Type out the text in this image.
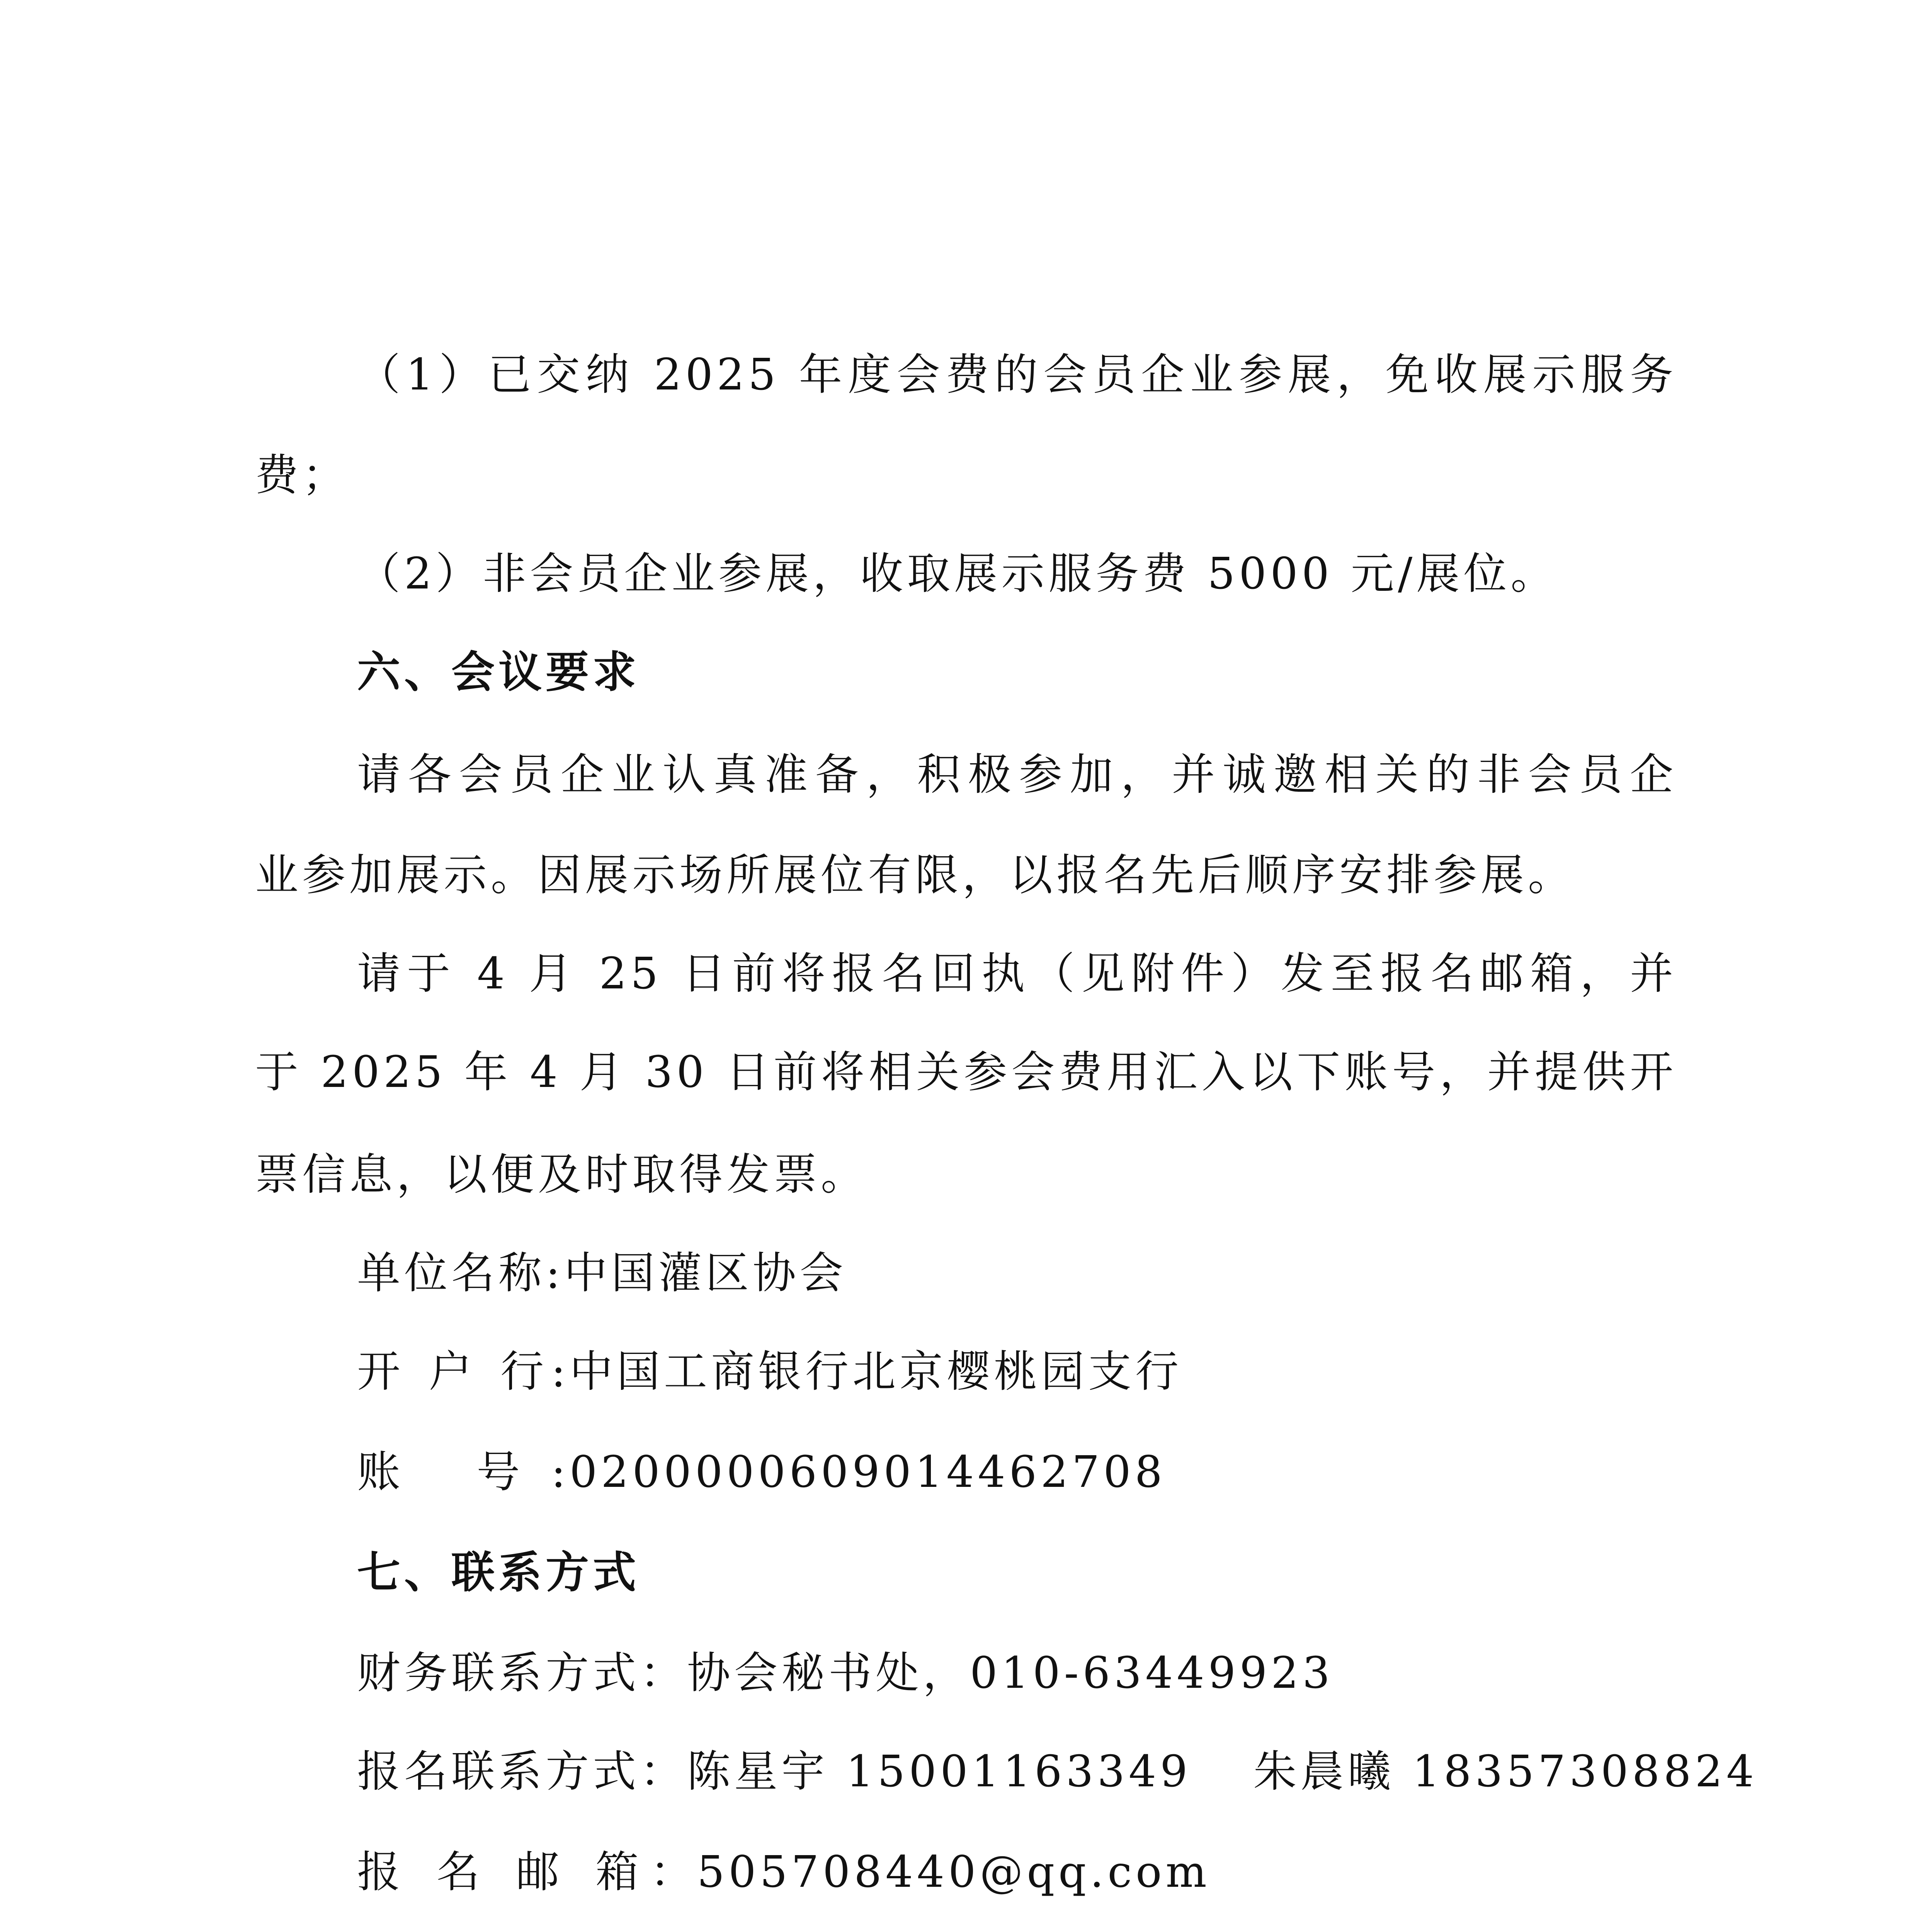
（1）已交纳 2025 年度会费的会员企业参展，免收展示服务
费；
（2）非会员企业参展，收取展示服务费 5000 元/展位。
六、会议要求
请各会员企业认真准备，积极参加，并诚邀相关的非会员企
业参加展示。因展示场所展位有限，以报名先后顺序安排参展。
请于 4 月 25 日前将报名回执（见附件）发至报名邮箱，并
于 2025 年 4 月 30 日前将相关参会费用汇入以下账号，并提供开
票信息，以便及时取得发票。
单位名称:中国灌区协会
开 户 行:中国工商银行北京樱桃园支行
账 号:0200000609014462708
七、联系方式
财务联系方式：协会秘书处，010-63449923
报名联系方式：陈星宇 15001163349 朱晨曦 18357308824
报 名 邮 箱：505708440@qq.com
